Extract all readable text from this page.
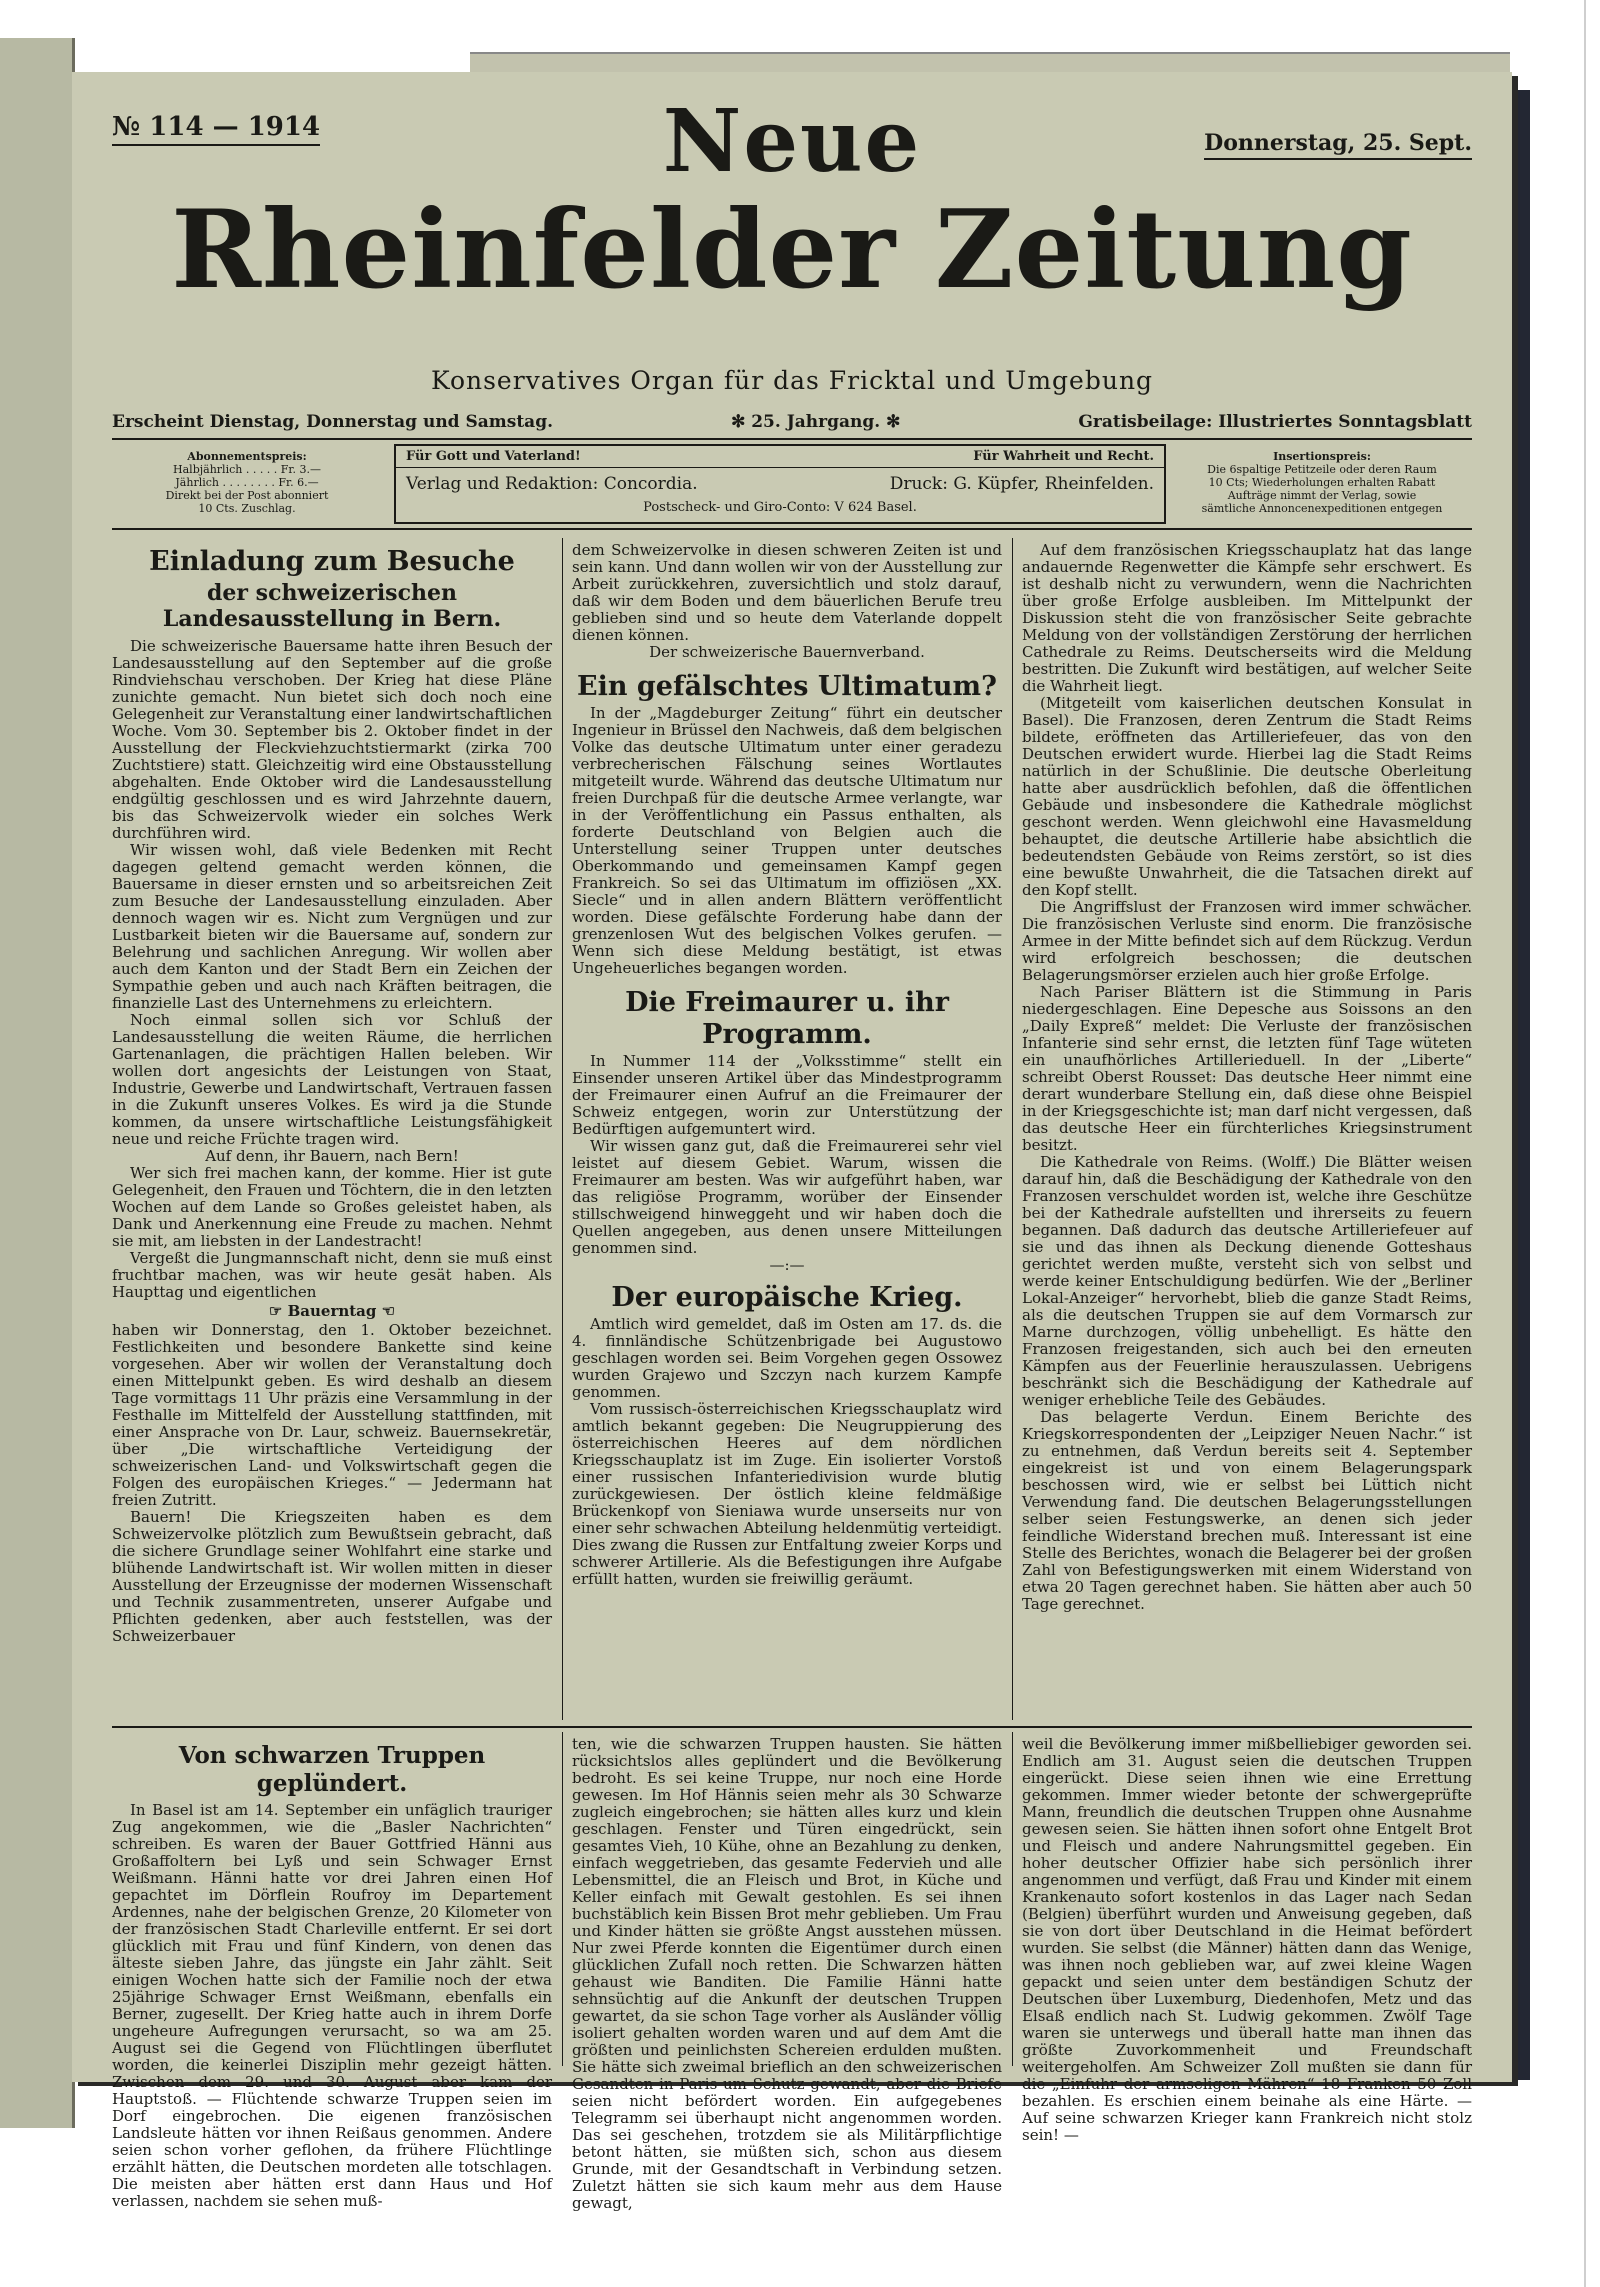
№ 114 — 1914
Donnerstag, 25. Sept.
Neue
Rheinfelder Zeitung
Konservatives Organ für das Fricktal und Umgebung
Erscheint Dienstag, Donnerstag und Samstag.	✻ 25. Jahrgang. ✻	Gratisbeilage: Illustriertes Sonntagsblatt
Abonnementspreis:
Halbjährlich . . . . . Fr. 3.—
Jährlich . . . . . . . . Fr. 6.—
Direkt bei der Post abonniert
10 Cts. Zuschlag.
Für Gott und Vaterland!	Für Wahrheit und Recht.
Verlag und Redaktion: Concordia.	Druck: G. Küpfer, Rheinfelden.
Postscheck- und Giro-Conto: V 624 Basel.
Insertionspreis:
Die 6spaltige Petitzeile oder deren Raum
10 Cts; Wiederholungen erhalten Rabatt
Aufträge nimmt der Verlag, sowie
sämtliche Annoncenexpeditionen entgegen
Einladung zum Besuche
der schweizerischen Landesausstellung in Bern.

Die schweizerische Bauersame hatte ihren Besuch der Landesausstellung auf den September auf die große Rindviehschau verschoben. Der Krieg hat diese Pläne zunichte gemacht. Nun bietet sich doch noch eine Gelegenheit zur Veranstaltung einer landwirtschaftlichen Woche. Vom 30. September bis 2. Oktober findet in der Ausstellung der Fleckviehzuchtstiermarkt (zirka 700 Zuchtstiere) statt. Gleichzeitig wird eine Obstausstellung abgehalten. Ende Oktober wird die Landesausstellung endgültig geschlossen und es wird Jahrzehnte dauern, bis das Schweizervolk wieder ein solches Werk durchführen wird.

Wir wissen wohl, daß viele Bedenken mit Recht dagegen geltend gemacht werden können, die Bauersame in dieser ernsten und so arbeitsreichen Zeit zum Besuche der Landesausstellung einzuladen. Aber dennoch wagen wir es. Nicht zum Vergnügen und zur Lustbarkeit bieten wir die Bauersame auf, sondern zur Belehrung und sachlichen Anregung. Wir wollen aber auch dem Kanton und der Stadt Bern ein Zeichen der Sympathie geben und auch nach Kräften beitragen, die finanzielle Last des Unternehmens zu erleichtern.

Noch einmal sollen sich vor Schluß der Landesausstellung die weiten Räume, die herrlichen Gartenanlagen, die prächtigen Hallen beleben. Wir wollen dort angesichts der Leistungen von Staat, Industrie, Gewerbe und Landwirtschaft, Vertrauen fassen in die Zukunft unseres Volkes. Es wird ja die Stunde kommen, da unsere wirtschaftliche Leistungsfähigkeit neue und reiche Früchte tragen wird.

Auf denn, ihr Bauern, nach Bern!

Wer sich frei machen kann, der komme. Hier ist gute Gelegenheit, den Frauen und Töchtern, die in den letzten Wochen auf dem Lande so Großes geleistet haben, als Dank und Anerkennung eine Freude zu machen. Nehmt sie mit, am liebsten in der Landestracht!

Vergeßt die Jungmannschaft nicht, denn sie muß einst fruchtbar machen, was wir heute gesät haben. Als Haupttag und eigentlichen

☞ Bauerntag ☜

haben wir Donnerstag, den 1. Oktober bezeichnet. Festlichkeiten und besondere Bankette sind keine vorgesehen. Aber wir wollen der Veranstaltung doch einen Mittelpunkt geben. Es wird deshalb an diesem Tage vormittags 11 Uhr präzis eine Versammlung in der Festhalle im Mittelfeld der Ausstellung stattfinden, mit einer Ansprache von Dr. Laur, schweiz. Bauernsekretär, über „Die wirtschaftliche Verteidigung der schweizerischen Land- und Volkswirtschaft gegen die Folgen des europäischen Krieges.“ — Jedermann hat freien Zutritt.

Bauern! Die Kriegszeiten haben es dem Schweizervolke plötzlich zum Bewußtsein gebracht, daß die sichere Grundlage seiner Wohlfahrt eine starke und blühende Landwirtschaft ist. Wir wollen mitten in dieser Ausstellung der Erzeugnisse der modernen Wissenschaft und Technik zusammentreten, unserer Aufgabe und Pflichten gedenken, aber auch feststellen, was der Schweizerbauer

dem Schweizervolke in diesen schweren Zeiten ist und sein kann. Und dann wollen wir von der Ausstellung zur Arbeit zurückkehren, zuversichtlich und stolz darauf, daß wir dem Boden und dem bäuerlichen Berufe treu geblieben sind und so heute dem Vaterlande doppelt dienen können.

Der schweizerische Bauernverband.

Ein gefälschtes Ultimatum?

In der „Magdeburger Zeitung“ führt ein deutscher Ingenieur in Brüssel den Nachweis, daß dem belgischen Volke das deutsche Ultimatum unter einer geradezu verbrecherischen Fälschung seines Wortlautes mitgeteilt wurde. Während das deutsche Ultimatum nur freien Durchpaß für die deutsche Armee verlangte, war in der Veröffentlichung ein Passus enthalten, als forderte Deutschland von Belgien auch die Unterstellung seiner Truppen unter deutsches Oberkommando und gemeinsamen Kampf gegen Frankreich. So sei das Ultimatum im offiziösen „XX. Siecle“ und in allen andern Blättern veröffentlicht worden. Diese gefälschte Forderung habe dann der grenzenlosen Wut des belgischen Volkes gerufen. — Wenn sich diese Meldung bestätigt, ist etwas Ungeheuerliches begangen worden.

Die Freimaurer u. ihr Programm.

In Nummer 114 der „Volksstimme“ stellt ein Einsender unseren Artikel über das Mindestprogramm der Freimaurer einen Aufruf an die Freimaurer der Schweiz entgegen, worin zur Unterstützung der Bedürftigen aufgemuntert wird.

Wir wissen ganz gut, daß die Freimaurerei sehr viel leistet auf diesem Gebiet. Warum, wissen die Freimaurer am besten. Was wir aufgeführt haben, war das religiöse Programm, worüber der Einsender stillschweigend hinweggeht und wir haben doch die Quellen angegeben, aus denen unsere Mitteilungen genommen sind.

—:—

Der europäische Krieg.

Amtlich wird gemeldet, daß im Osten am 17. ds. die 4. finnländische Schützenbrigade bei Augustowo geschlagen worden sei. Beim Vorgehen gegen Ossowez wurden Grajewo und Szczyn nach kurzem Kampfe genommen.

Vom russisch-österreichischen Kriegsschauplatz wird amtlich bekannt gegeben: Die Neugruppierung des österreichischen Heeres auf dem nördlichen Kriegsschauplatz ist im Zuge. Ein isolierter Vorstoß einer russischen Infanteriedivision wurde blutig zurückgewiesen. Der östlich kleine feldmäßige Brückenkopf von Sieniawa wurde unserseits nur von einer sehr schwachen Abteilung heldenmütig verteidigt. Dies zwang die Russen zur Entfaltung zweier Korps und schwerer Artillerie. Als die Befestigungen ihre Aufgabe erfüllt hatten, wurden sie freiwillig geräumt.

Auf dem französischen Kriegsschauplatz hat das lange andauernde Regenwetter die Kämpfe sehr erschwert. Es ist deshalb nicht zu verwundern, wenn die Nachrichten über große Erfolge ausbleiben. Im Mittelpunkt der Diskussion steht die von französischer Seite gebrachte Meldung von der vollständigen Zerstörung der herrlichen Cathedrale zu Reims. Deutscherseits wird die Meldung bestritten. Die Zukunft wird bestätigen, auf welcher Seite die Wahrheit liegt.

(Mitgeteilt vom kaiserlichen deutschen Konsulat in Basel). Die Franzosen, deren Zentrum die Stadt Reims bildete, eröffneten das Artilleriefeuer, das von den Deutschen erwidert wurde. Hierbei lag die Stadt Reims natürlich in der Schußlinie. Die deutsche Oberleitung hatte aber ausdrücklich befohlen, daß die öffentlichen Gebäude und insbesondere die Kathedrale möglichst geschont werden. Wenn gleichwohl eine Havasmeldung behauptet, die deutsche Artillerie habe absichtlich die bedeutendsten Gebäude von Reims zerstört, so ist dies eine bewußte Unwahrheit, die die Tatsachen direkt auf den Kopf stellt.

Die Angriffslust der Franzosen wird immer schwächer. Die französischen Verluste sind enorm. Die französische Armee in der Mitte befindet sich auf dem Rückzug. Verdun wird erfolgreich beschossen; die deutschen Belagerungsmörser erzielen auch hier große Erfolge.

Nach Pariser Blättern ist die Stimmung in Paris niedergeschlagen. Eine Depesche aus Soissons an den „Daily Expreß“ meldet: Die Verluste der französischen Infanterie sind sehr ernst, die letzten fünf Tage wüteten ein unaufhörliches Artillerieduell. In der „Liberte“ schreibt Oberst Rousset: Das deutsche Heer nimmt eine derart wunderbare Stellung ein, daß diese ohne Beispiel in der Kriegsgeschichte ist; man darf nicht vergessen, daß das deutsche Heer ein fürchterliches Kriegsinstrument besitzt.

Die Kathedrale von Reims. (Wolff.) Die Blätter weisen darauf hin, daß die Beschädigung der Kathedrale von den Franzosen verschuldet worden ist, welche ihre Geschütze bei der Kathedrale aufstellten und ihrerseits zu feuern begannen. Daß dadurch das deutsche Artilleriefeuer auf sie und das ihnen als Deckung dienende Gotteshaus gerichtet werden mußte, versteht sich von selbst und werde keiner Entschuldigung bedürfen. Wie der „Berliner Lokal-Anzeiger“ hervorhebt, blieb die ganze Stadt Reims, als die deutschen Truppen sie auf dem Vormarsch zur Marne durchzogen, völlig unbehelligt. Es hätte den Franzosen freigestanden, sich auch bei den erneuten Kämpfen aus der Feuerlinie herauszulassen. Uebrigens beschränkt sich die Beschädigung der Kathedrale auf weniger erhebliche Teile des Gebäudes.

Das belagerte Verdun. Einem Berichte des Kriegskorrespondenten der „Leipziger Neuen Nachr.“ ist zu entnehmen, daß Verdun bereits seit 4. September eingekreist ist und von einem Belagerungspark beschossen wird, wie er selbst bei Lüttich nicht Verwendung fand. Die deutschen Belagerungsstellungen selber seien Festungswerke, an denen sich jeder feindliche Widerstand brechen muß. Interessant ist eine Stelle des Berichtes, wonach die Belagerer bei der großen Zahl von Befestigungswerken mit einem Widerstand von etwa 20 Tagen gerechnet haben. Sie hätten aber auch 50 Tage gerechnet.

Von schwarzen Truppen geplündert.

In Basel ist am 14. September ein unfäglich trauriger Zug angekommen, wie die „Basler Nachrichten“ schreiben. Es waren der Bauer Gottfried Hänni aus Großaffoltern bei Lyß und sein Schwager Ernst Weißmann. Hänni hatte vor drei Jahren einen Hof gepachtet im Dörflein Roufroy im Departement Ardennes, nahe der belgischen Grenze, 20 Kilometer von der französischen Stadt Charleville entfernt. Er sei dort glücklich mit Frau und fünf Kindern, von denen das älteste sieben Jahre, das jüngste ein Jahr zählt. Seit einigen Wochen hatte sich der Familie noch der etwa 25jährige Schwager Ernst Weißmann, ebenfalls ein Berner, zugesellt. Der Krieg hatte auch in ihrem Dorfe ungeheure Aufregungen verursacht, so wa am 25. August sei die Gegend von Flüchtlingen überflutet worden, die keinerlei Disziplin mehr gezeigt hätten. Zwischen dem 29. und 30. August aber kam der Hauptstoß. — Flüchtende schwarze Truppen seien im Dorf eingebrochen. Die eigenen französischen Landsleute hätten vor ihnen Reißaus genommen. Andere seien schon vorher geflohen, da frühere Flüchtlinge erzählt hätten, die Deutschen mordeten alle totschlagen. Die meisten aber hätten erst dann Haus und Hof verlassen, nachdem sie sehen muß-

ten, wie die schwarzen Truppen hausten. Sie hätten rücksichtslos alles geplündert und die Bevölkerung bedroht. Es sei keine Truppe, nur noch eine Horde gewesen. Im Hof Hännis seien mehr als 30 Schwarze zugleich eingebrochen; sie hätten alles kurz und klein geschlagen. Fenster und Türen eingedrückt, sein gesamtes Vieh, 10 Kühe, ohne an Bezahlung zu denken, einfach weggetrieben, das gesamte Federvieh und alle Lebensmittel, die an Fleisch und Brot, in Küche und Keller einfach mit Gewalt gestohlen. Es sei ihnen buchstäblich kein Bissen Brot mehr geblieben. Um Frau und Kinder hätten sie größte Angst ausstehen müssen. Nur zwei Pferde konnten die Eigentümer durch einen glücklichen Zufall noch retten. Die Schwarzen hätten gehaust wie Banditen. Die Familie Hänni hatte sehnsüchtig auf die Ankunft der deutschen Truppen gewartet, da sie schon Tage vorher als Ausländer völlig isoliert gehalten worden waren und auf dem Amt die größten und peinlichsten Schereien erdulden mußten. Sie hätte sich zweimal brieflich an den schweizerischen Gesandten in Paris um Schutz gewandt, aber die Briefe seien nicht befördert worden. Ein aufgegebenes Telegramm sei überhaupt nicht angenommen worden. Das sei geschehen, trotzdem sie als Militärpflichtige betont hätten, sie müßten sich, schon aus diesem Grunde, mit der Gesandtschaft in Verbindung setzen. Zuletzt hätten sie sich kaum mehr aus dem Hause gewagt,

weil die Bevölkerung immer mißbelliebiger geworden sei. Endlich am 31. August seien die deutschen Truppen eingerückt. Diese seien ihnen wie eine Errettung gekommen. Immer wieder betonte der schwergeprüfte Mann, freundlich die deutschen Truppen ohne Ausnahme gewesen seien. Sie hätten ihnen sofort ohne Entgelt Brot und Fleisch und andere Nahrungsmittel gegeben. Ein hoher deutscher Offizier habe sich persönlich ihrer angenommen und verfügt, daß Frau und Kinder mit einem Krankenauto sofort kostenlos in das Lager nach Sedan (Belgien) überführt wurden und Anweisung gegeben, daß sie von dort über Deutschland in die Heimat befördert wurden. Sie selbst (die Männer) hätten dann das Wenige, was ihnen noch geblieben war, auf zwei kleine Wagen gepackt und seien unter dem beständigen Schutz der Deutschen über Luxemburg, Diedenhofen, Metz und das Elsaß endlich nach St. Ludwig gekommen. Zwölf Tage waren sie unterwegs und überall hatte man ihnen das größte Zuvorkommenheit und Freundschaft weitergeholfen. Am Schweizer Zoll mußten sie dann für die „Einfuhr der armseligen Mähren“ 18 Franken 50 Zoll bezahlen. Es erschien einem beinahe als eine Härte. — Auf seine schwarzen Krieger kann Frankreich nicht stolz sein! —
